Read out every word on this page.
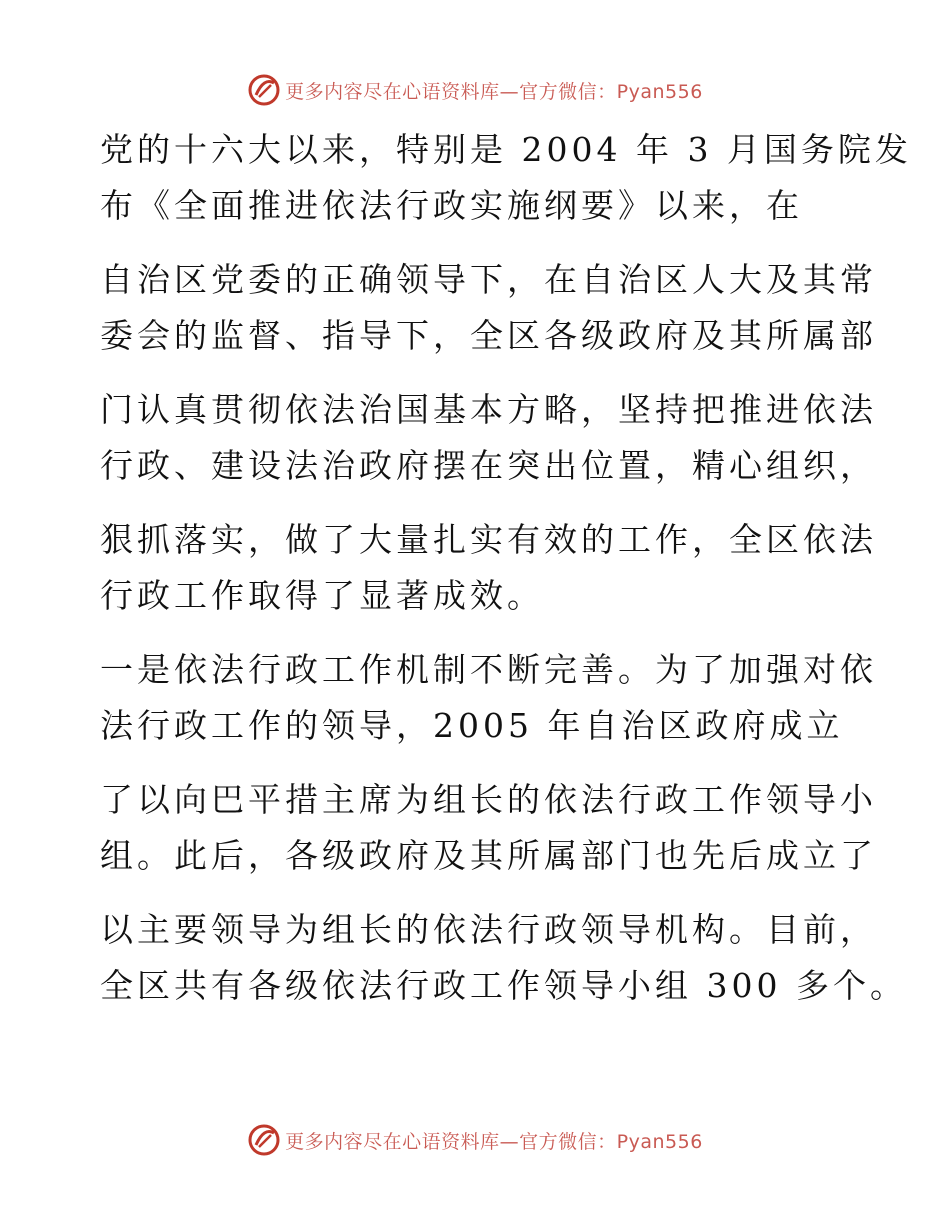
更多内容尽在心语资料库—官方微信：Pyan556
党的十六大以来，特别是 2004 年 3 月国务院发
布《全面推进依法行政实施纲要》以来，在
自治区党委的正确领导下，在自治区人大及其常
委会的监督、指导下，全区各级政府及其所属部
门认真贯彻依法治国基本方略，坚持把推进依法
行政、建设法治政府摆在突出位置，精心组织，
狠抓落实，做了大量扎实有效的工作，全区依法
行政工作取得了显著成效。
一是依法行政工作机制不断完善。为了加强对依
法行政工作的领导，2005 年自治区政府成立
了以向巴平措主席为组长的依法行政工作领导小
组。此后，各级政府及其所属部门也先后成立了
以主要领导为组长的依法行政领导机构。目前，
全区共有各级依法行政工作领导小组 300 多个。
更多内容尽在心语资料库—官方微信：Pyan556
